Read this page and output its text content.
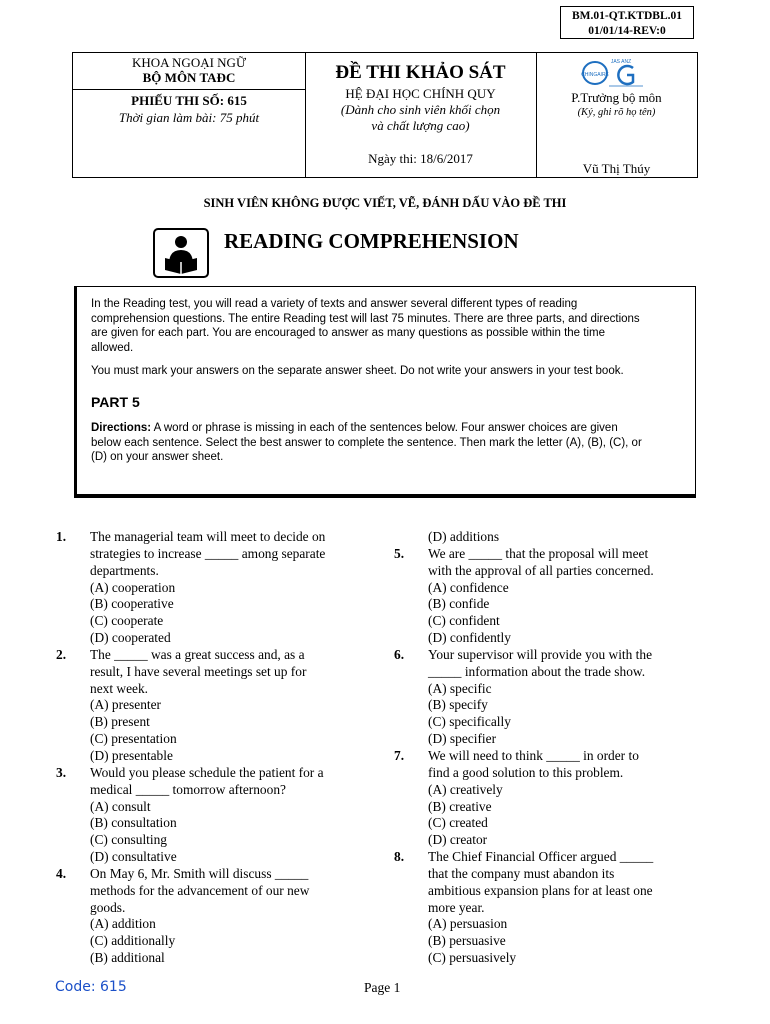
BM.01-QT.KTDBL.01
01/01/14-REV:0
KHOA NGOẠI NGỮ
BỘ MÔN TAĐC
PHIẾU THI SỐ: 615
Thời gian làm bài: 75 phút
ĐỀ THI KHẢO SÁT
HỆ ĐẠI HỌC CHÍNH QUY
(Dành cho sinh viên khối chọn
và chất lượng cao)
Ngày thi: 18/6/2017
CHINGAIRE
JAS ANZ
P.Trưởng bộ môn
(Ký, ghi rõ họ tên)
Vũ Thị Thúy
SINH VIÊN KHÔNG ĐƯỢC VIẾT, VẼ, ĐÁNH DẤU VÀO ĐỀ THI
READING COMPREHENSION

In the Reading test, you will read a variety of texts and answer several different types of reading
comprehension questions. The entire Reading test will last 75 minutes. There are three parts, and directions
are given for each part. You are encouraged to answer as many questions as possible within the time
allowed.

You must mark your answers on the separate answer sheet. Do not write your answers in your test book.

PART 5

Directions: A word or phrase is missing in each of the sentences below. Four answer choices are given
below each sentence. Select the best answer to complete the sentence. Then mark the letter (A), (B), (C), or
(D) on your answer sheet.

1. The managerial team will meet to decide on
strategies to increase _____ among separate
departments.
(A) cooperation
(B) cooperative
(C) cooperate
(D) cooperated
2. The _____ was a great success and, as a
result, I have several meetings set up for
next week.
(A) presenter
(B) present
(C) presentation
(D) presentable
3. Would you please schedule the patient for a
medical _____ tomorrow afternoon?
(A) consult
(B) consultation
(C) consulting
(D) consultative
4. On May 6, Mr. Smith will discuss _____
methods for the advancement of our new
goods.
(A) addition
(C) additionally
(B) additional
(D) additions
5. We are _____ that the proposal will meet
with the approval of all parties concerned.
(A) confidence
(B) confide
(C) confident
(D) confidently
6. Your supervisor will provide you with the
_____ information about the trade show.
(A) specific
(B) specify
(C) specifically
(D) specifier
7. We will need to think _____ in order to
find a good solution to this problem.
(A) creatively
(B) creative
(C) created
(D) creator
8. The Chief Financial Officer argued _____
that the company must abandon its
ambitious expansion plans for at least one
more year.
(A) persuasion
(B) persuasive
(C) persuasively
Code: 615	Page 1
